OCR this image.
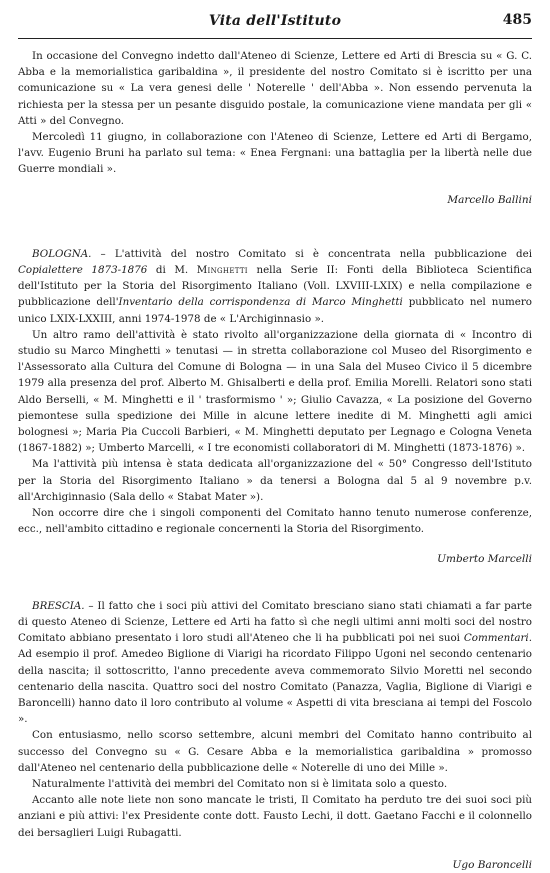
Vita dell'Istituto	485

In occasione del Convegno indetto dall'Ateneo di Scienze, Lettere ed Arti di Brescia su « G. C. Abba e la memorialistica garibaldina », il presidente del nostro Comitato si è iscritto per una comunicazione su « La vera genesi delle ' Noterelle ' dell'Abba ». Non essendo pervenuta la richiesta per la stessa per un pesante disguido postale, la comunicazione viene mandata per gli « Atti » del Convegno.

Mercoledì 11 giugno, in collaborazione con l'Ateneo di Scienze, Lettere ed Arti di Bergamo, l'avv. Eugenio Bruni ha parlato sul tema: « Enea Fergnani: una battaglia per la libertà nelle due Guerre mondiali ».

Marcello Ballini

BOLOGNA. – L'attività del nostro Comitato si è concentrata nella pubblicazione dei Copialettere 1873-1876 di M. Minghetti nella Serie II: Fonti della Biblioteca Scientifica dell'Istituto per la Storia del Risorgimento Italiano (Voll. LXVIII-LXIX) e nella compilazione e pubblicazione dell'Inventario della corrispondenza di Marco Minghetti pubblicato nel numero unico LXIX-LXXIII, anni 1974-1978 de « L'Archiginnasio ».

Un altro ramo dell'attività è stato rivolto all'organizzazione della giornata di « Incontro di studio su Marco Minghetti » tenutasi — in stretta collaborazione col Museo del Risorgimento e l'Assessorato alla Cultura del Comune di Bologna — in una Sala del Museo Civico il 5 dicembre 1979 alla presenza del prof. Alberto M. Ghisalberti e della prof. Emilia Morelli. Relatori sono stati Aldo Berselli, « M. Minghetti e il ' trasformismo ' »; Giulio Cavazza, « La posizione del Governo piemontese sulla spedizione dei Mille in alcune lettere inedite di M. Minghetti agli amici bolognesi »; Maria Pia Cuccoli Barbieri, « M. Minghetti deputato per Legnago e Cologna Veneta (1867-1882) »; Umberto Marcelli, « I tre economisti collaboratori di M. Minghetti (1873-1876) ».

Ma l'attività più intensa è stata dedicata all'organizzazione del « 50° Congresso dell'Istituto per la Storia del Risorgimento Italiano » da tenersi a Bologna dal 5 al 9 novembre p.v. all'Archiginnasio (Sala dello « Stabat Mater »).

Non occorre dire che i singoli componenti del Comitato hanno tenuto numerose conferenze, ecc., nell'ambito cittadino e regionale concernenti la Storia del Risorgimento.

Umberto Marcelli

BRESCIA. – Il fatto che i soci più attivi del Comitato bresciano siano stati chiamati a far parte di questo Ateneo di Scienze, Lettere ed Arti ha fatto sì che negli ultimi anni molti soci del nostro Comitato abbiano presentato i loro studi all'Ateneo che li ha pubblicati poi nei suoi Commentari. Ad esempio il prof. Amedeo Biglione di Viarigi ha ricordato Filippo Ugoni nel secondo centenario della nascita; il sottoscritto, l'anno precedente aveva commemorato Silvio Moretti nel secondo centenario della nascita. Quattro soci del nostro Comitato (Panazza, Vaglia, Biglione di Viarigi e Baroncelli) hanno dato il loro contributo al volume « Aspetti di vita bresciana ai tempi del Foscolo ».

Con entusiasmo, nello scorso settembre, alcuni membri del Comitato hanno contribuito al successo del Convegno su « G. Cesare Abba e la memorialistica garibaldina » promosso dall'Ateneo nel centenario della pubblicazione delle « Noterelle di uno dei Mille ».

Naturalmente l'attività dei membri del Comitato non si è limitata solo a questo.

Accanto alle note liete non sono mancate le tristi, Il Comitato ha perduto tre dei suoi soci più anziani e più attivi: l'ex Presidente conte dott. Fausto Lechi, il dott. Gaetano Facchi e il colonnello dei bersaglieri Luigi Rubagatti.

Ugo Baroncelli
